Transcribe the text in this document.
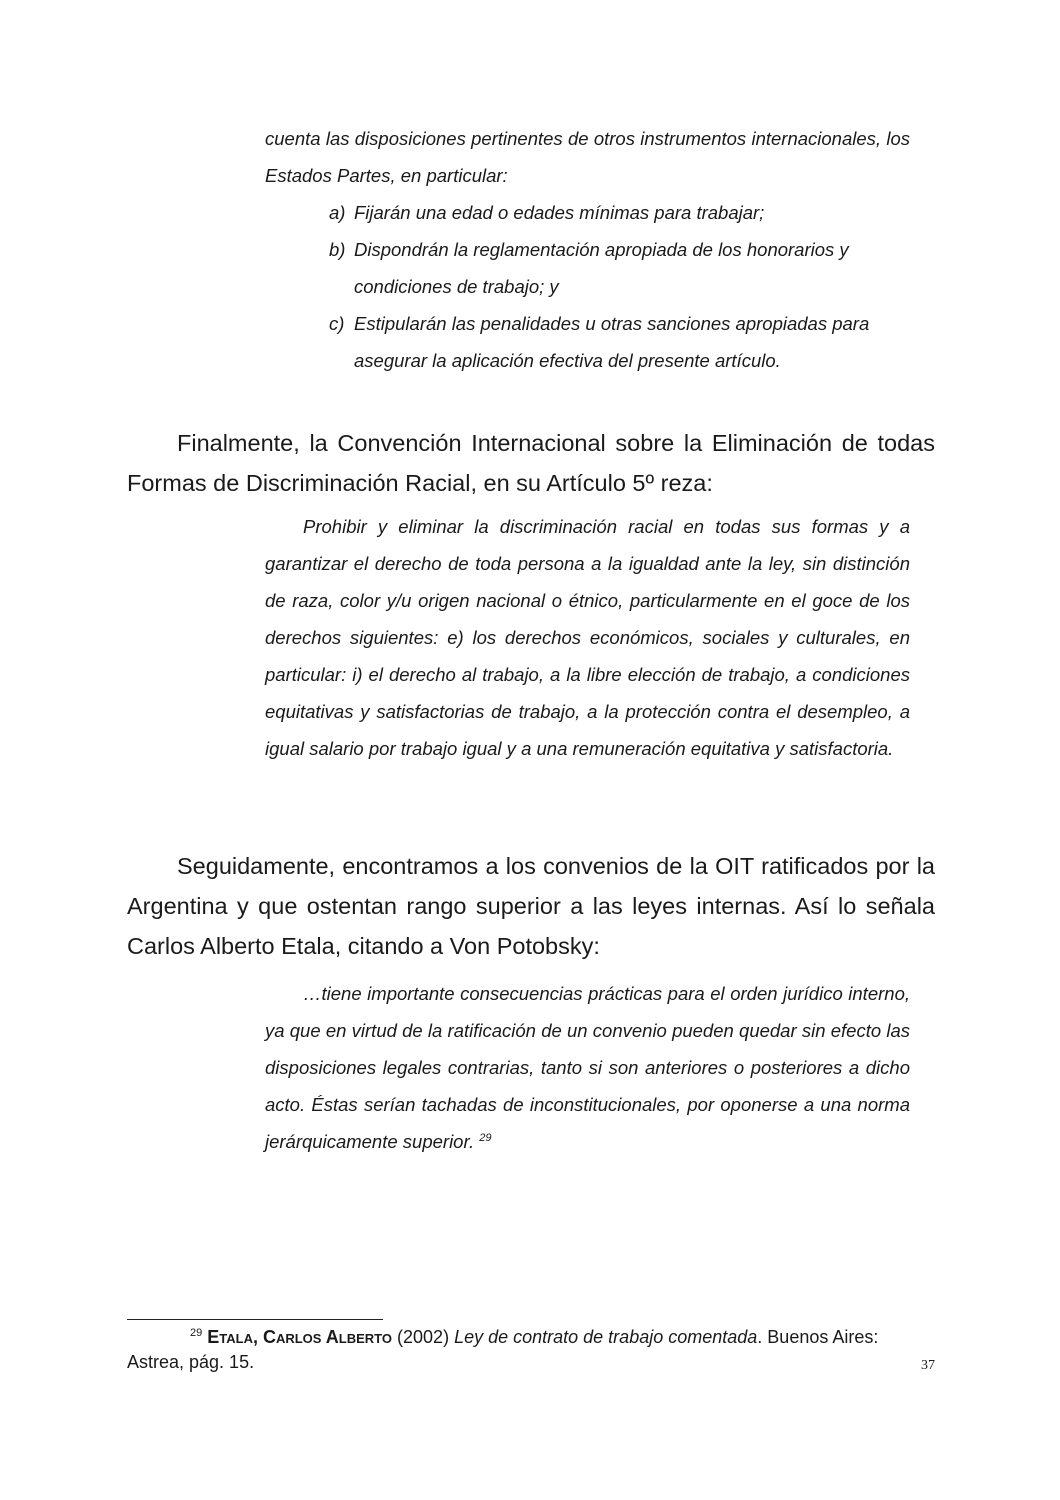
cuenta las disposiciones pertinentes de otros instrumentos internacionales, los Estados Partes, en particular:

a) Fijarán una edad o edades mínimas para trabajar;
b) Dispondrán la reglamentación apropiada de los honorarios y condiciones de trabajo; y
c) Estipularán las penalidades u otras sanciones apropiadas para asegurar la aplicación efectiva del presente artículo.

Finalmente, la Convención Internacional sobre la Eliminación de todas Formas de Discriminación Racial, en su Artículo 5º reza:

Prohibir y eliminar la discriminación racial en todas sus formas y a garantizar el derecho de toda persona a la igualdad ante la ley, sin distinción de raza, color y/u origen nacional o étnico, particularmente en el goce de los derechos siguientes: e) los derechos económicos, sociales y culturales, en particular: i) el derecho al trabajo, a la libre elección de trabajo, a condiciones equitativas y satisfactorias de trabajo, a la protección contra el desempleo, a igual salario por trabajo igual y a una remuneración equitativa y satisfactoria.

Seguidamente, encontramos a los convenios de la OIT ratificados por la Argentina y que ostentan rango superior a las leyes internas. Así lo señala Carlos Alberto Etala, citando a Von Potobsky:

…tiene importante consecuencias prácticas para el orden jurídico interno, ya que en virtud de la ratificación de un convenio pueden quedar sin efecto las disposiciones legales contrarias, tanto si son anteriores o posteriores a dicho acto. Éstas serían tachadas de inconstitucionales, por oponerse a una norma jerárquicamente superior. $^{29}$

$^{29}$ Etala, Carlos Alberto (2002) Ley de contrato de trabajo comentada. Buenos Aires: Astrea, pág. 15.	37
